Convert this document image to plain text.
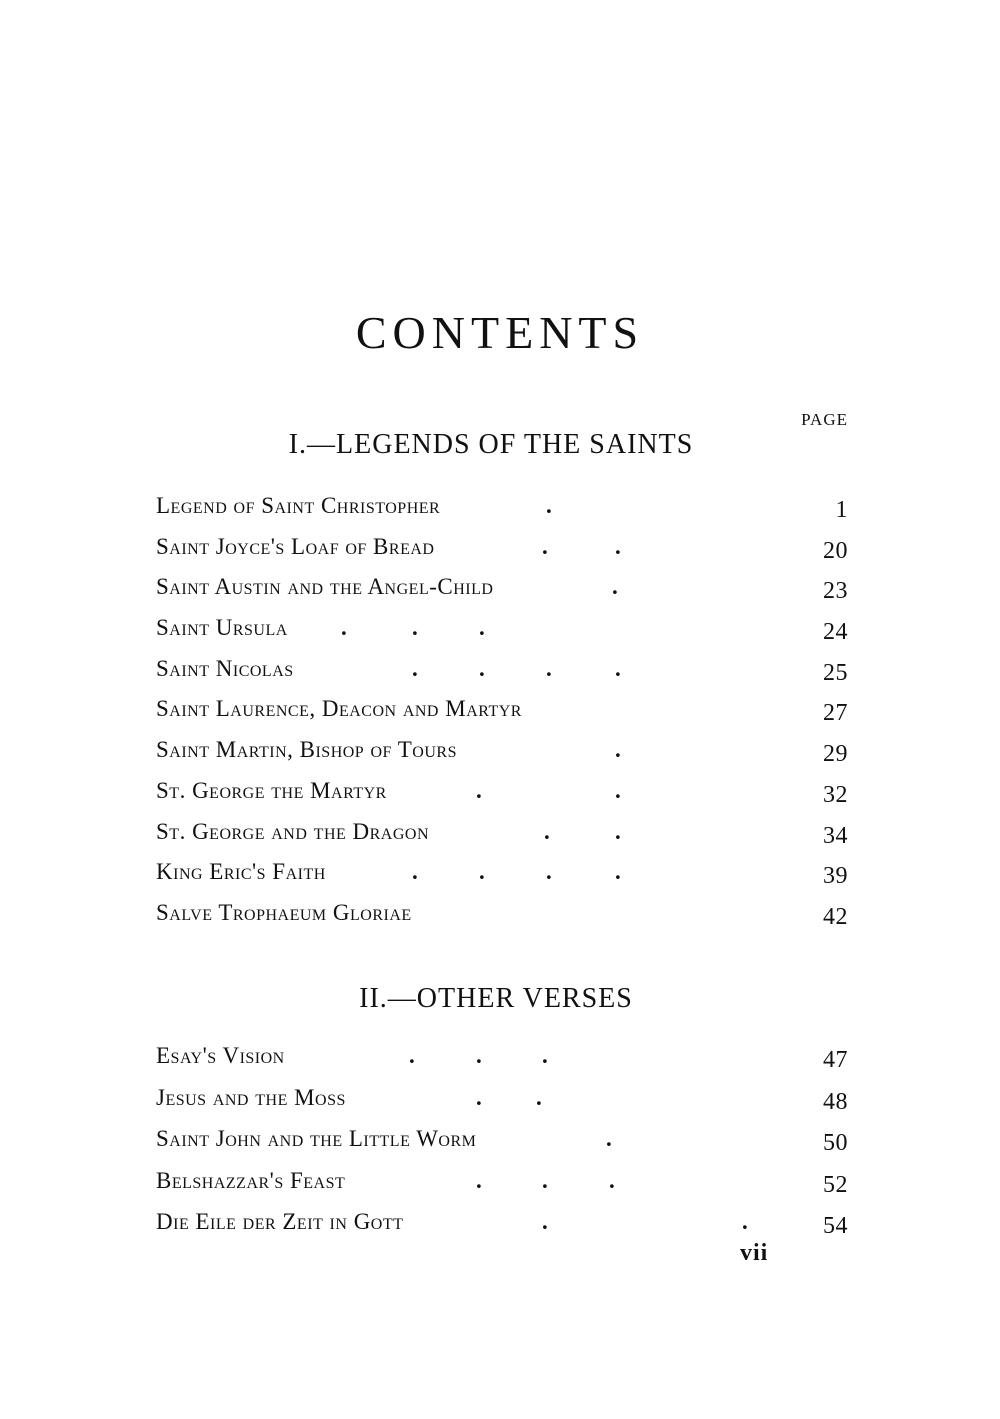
CONTENTS
PAGE
I.—LEGENDS OF THE SAINTS
Legend of Saint Christopher	.	1
Saint Joyce's Loaf of Bread	.	.	20
Saint Austin and the Angel-Child	.	23
Saint Ursula .	.	.	24
Saint Nicolas	.	.	.	.	25
Saint Laurence, Deacon and Martyr	27
Saint Martin, Bishop of Tours	.	29
St. George the Martyr	.	.	32
St. George and the Dragon	.	.	34
King Eric's Faith	.	.	.	.	39
Salve Trophaeum Gloriae	42
II.—OTHER VERSES
Esay's Vision	.	.	.	47
Jesus and the Moss	. .	48
Saint John and the Little Worm	.	50
Belshazzar's Feast	.	.	.	52
Die Eile der Zeit in Gott	.	.	54
vii
